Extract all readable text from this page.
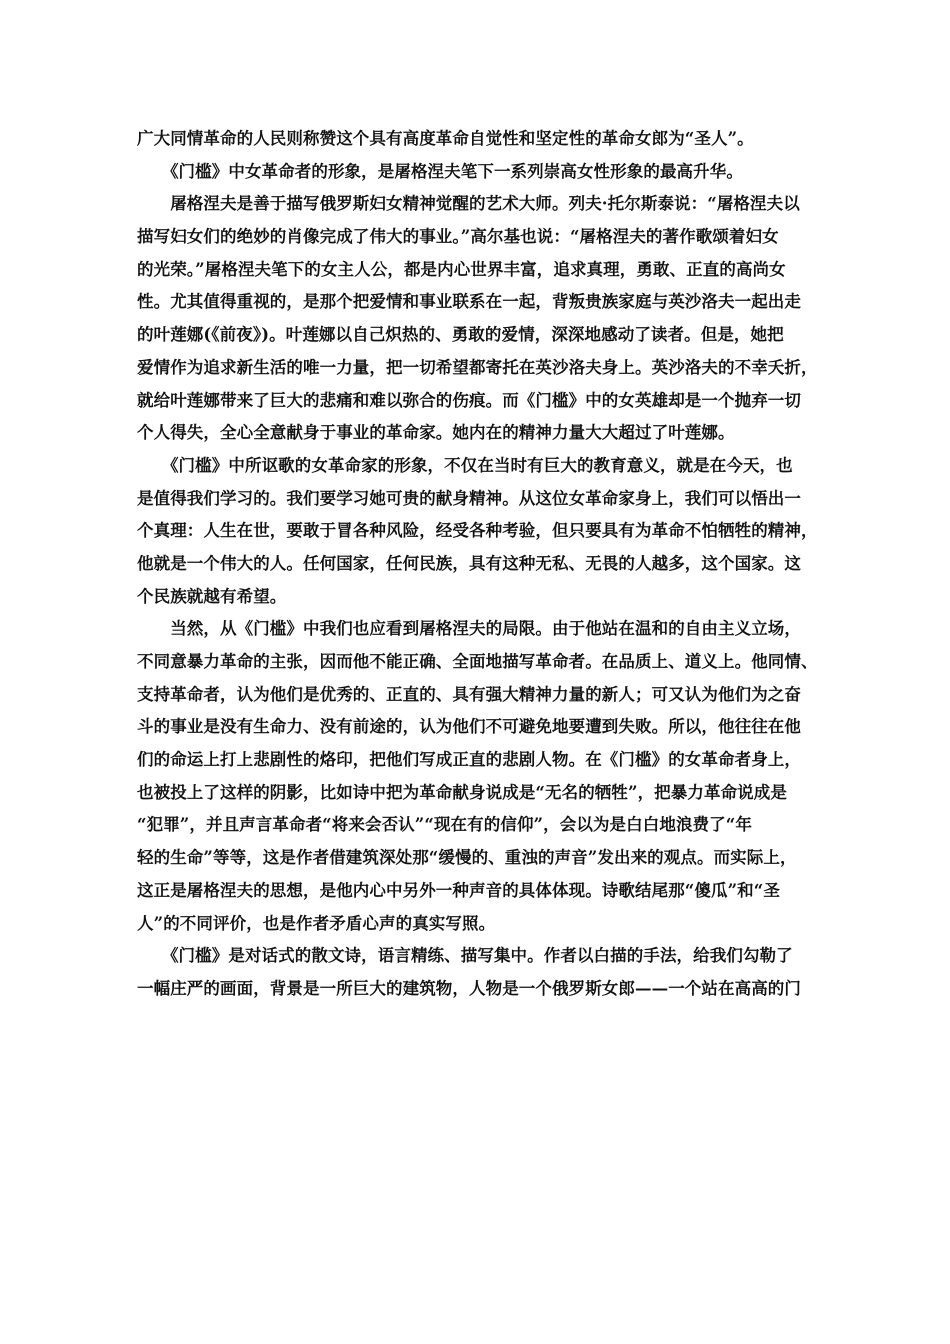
广大同情革命的人民则称赞这个具有高度革命自觉性和坚定性的革命女郎为“圣人”。
　　《门槛》中女革命者的形象，是屠格涅夫笔下一系列崇高女性形象的最高升华。
　　屠格涅夫是善于描写俄罗斯妇女精神觉醒的艺术大师。列夫·托尔斯泰说：“屠格涅夫以
描写妇女们的绝妙的肖像完成了伟大的事业。”高尔基也说：“屠格涅夫的著作歌颂着妇女
的光荣。”屠格涅夫笔下的女主人公，都是内心世界丰富，追求真理，勇敢、正直的高尚女
性。尤其值得重视的，是那个把爱情和事业联系在一起，背叛贵族家庭与英沙洛夫一起出走
的叶莲娜(《前夜》)。叶莲娜以自己炽热的、勇敢的爱情，深深地感动了读者。但是，她把
爱情作为追求新生活的唯一力量，把一切希望都寄托在英沙洛夫身上。英沙洛夫的不幸夭折，
就给叶莲娜带来了巨大的悲痛和难以弥合的伤痕。而《门槛》中的女英雄却是一个抛弃一切
个人得失，全心全意献身于事业的革命家。她内在的精神力量大大超过了叶莲娜。
　　《门槛》中所讴歌的女革命家的形象，不仅在当时有巨大的教育意义，就是在今天，也
是值得我们学习的。我们要学习她可贵的献身精神。从这位女革命家身上，我们可以悟出一
个真理：人生在世，要敢于冒各种风险，经受各种考验，但只要具有为革命不怕牺牲的精神，
他就是一个伟大的人。任何国家，任何民族，具有这种无私、无畏的人越多，这个国家。这
个民族就越有希望。
　　当然，从《门槛》中我们也应看到屠格涅夫的局限。由于他站在温和的自由主义立场，
不同意暴力革命的主张，因而他不能正确、全面地描写革命者。在品质上、道义上。他同情、
支持革命者，认为他们是优秀的、正直的、具有强大精神力量的新人；可又认为他们为之奋
斗的事业是没有生命力、没有前途的，认为他们不可避免地要遭到失败。所以，他往往在他
们的命运上打上悲剧性的烙印，把他们写成正直的悲剧人物。在《门槛》的女革命者身上，
也被投上了这样的阴影，比如诗中把为革命献身说成是“无名的牺牲”，把暴力革命说成是
“犯罪”，并且声言革命者“将来会否认”“现在有的信仰”，会以为是白白地浪费了“年
轻的生命”等等，这是作者借建筑深处那“缓慢的、重浊的声音”发出来的观点。而实际上，
这正是屠格涅夫的思想，是他内心中另外一种声音的具体体现。诗歌结尾那“傻瓜”和“圣
人”的不同评价，也是作者矛盾心声的真实写照。
　　《门槛》是对话式的散文诗，语言精练、描写集中。作者以白描的手法，给我们勾勒了
一幅庄严的画面，背景是一所巨大的建筑物，人物是一个俄罗斯女郎——一个站在高高的门
